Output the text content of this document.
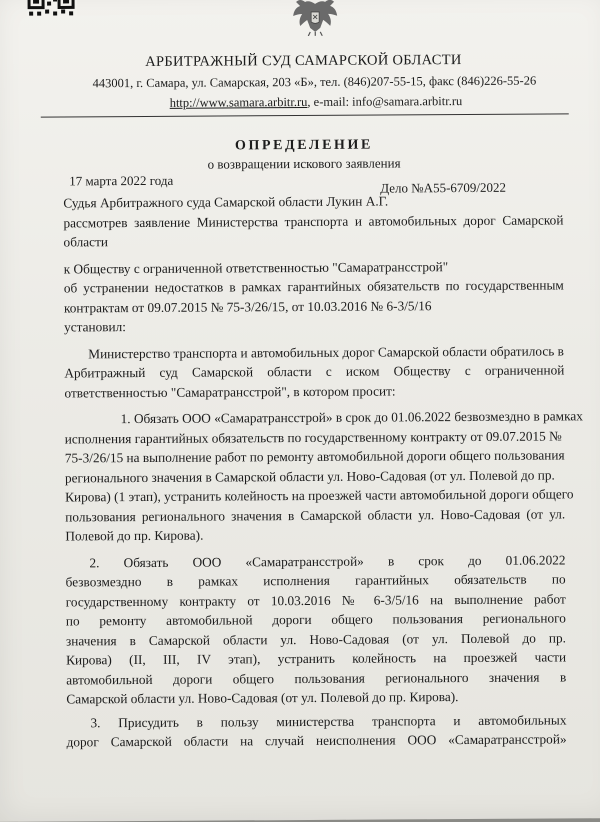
АРБИТРАЖНЫЙ СУД САМАРСКОЙ ОБЛАСТИ
443001, г. Самара, ул. Самарская, 203 «Б», тел. (846)207-55-15, факс (846)226-55-26
http://www.samara.arbitr.ru, e-mail: info@samara.arbitr.ru
ОПРЕДЕЛЕНИЕ
о возвращении искового заявления
17 марта 2022 года	Дело №А55-6709/2022
Судья Арбитражного суда Самарской области Лукин А.Г.
рассмотрев заявление Министерства транспорта и автомобильных дорог Самарской
области
к Обществу с ограниченной ответственностью "Самаратрансстрой"
об устранении недостатков в рамках гарантийных обязательств по государственным
контрактам от 09.07.2015 № 75-3/26/15, от 10.03.2016 № 6-3/5/16
установил:
Министерство транспорта и автомобильных дорог Самарской области обратилось в
Арбитражный суд Самарской области с иском Обществу с ограниченной
ответственностью "Самаратрансстрой", в котором просит:
1. Обязать ООО «Самаратрансстрой» в срок до 01.06.2022 безвозмездно в рамках
исполнения гарантийных обязательств по государственному контракту от 09.07.2015 №
75-3/26/15 на выполнение работ по ремонту автомобильной дороги общего пользования
регионального значения в Самарской области ул. Ново-Садовая (от ул. Полевой до пр.
Кирова) (1 этап), устранить колейность на проезжей части автомобильной дороги общего
пользования регионального значения в Самарской области ул. Ново-Садовая (от ул.
Полевой до пр. Кирова).
2. Обязать ООО «Самаратрансстрой» в срок до 01.06.2022
безвозмездно в рамках исполнения гарантийных обязательств по
государственному контракту от 10.03.2016 № 6-3/5/16 на выполнение работ
по ремонту автомобильной дороги общего пользования регионального
значения в Самарской области ул. Ново-Садовая (от ул. Полевой до пр.
Кирова) (II, III, IV этап), устранить колейность на проезжей части
автомобильной дороги общего пользования регионального значения в
Самарской области ул. Ново-Садовая (от ул. Полевой до пр. Кирова).
3. Присудить в пользу министерства транспорта и автомобильных
дорог Самарской области на случай неисполнения ООО «Самаратрансстрой»
